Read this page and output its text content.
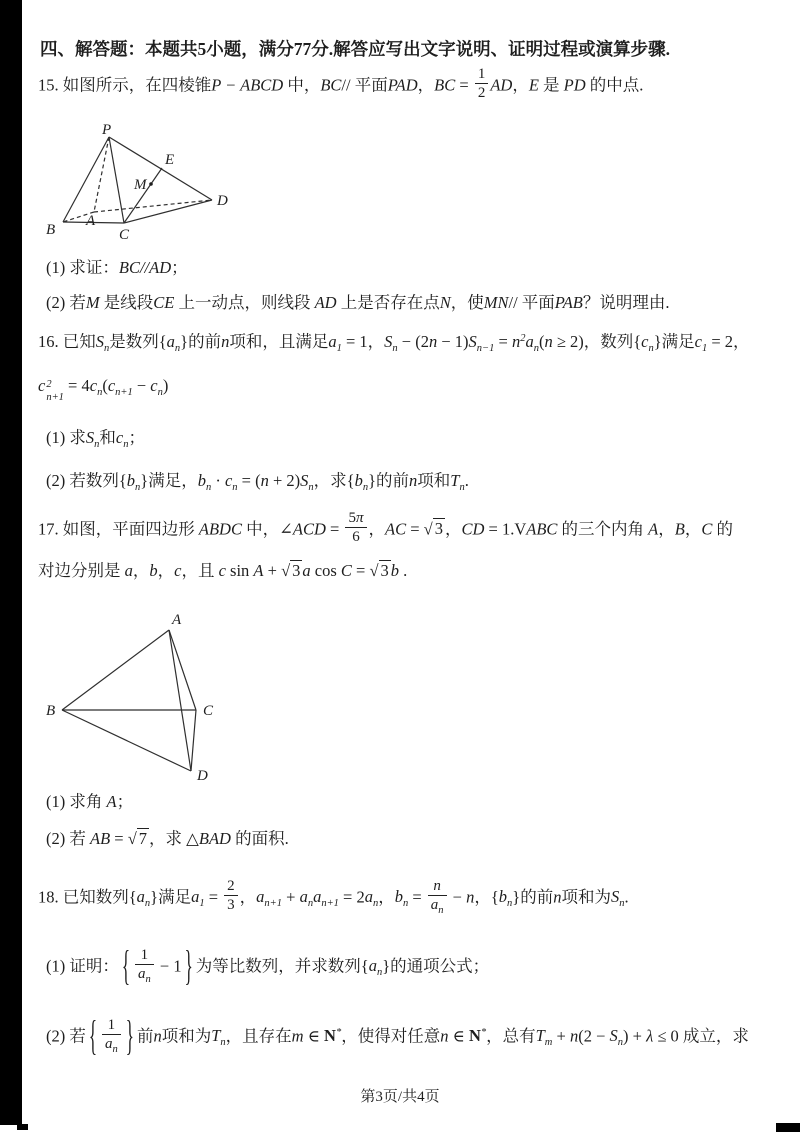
四、解答题：本题共5小题，满分77分.解答应写出文字说明、证明过程或演算步骤.
15. 如图所示，在四棱锥P − ABCD 中，BC// 平面PAD，BC = $\frac{1}{2}$ AD，E 是 PD 的中点.
P
E
M
A
B	C
D
(1) 求证：BC//AD；
(2) 若M 是线段CE 上一动点，则线段 AD 上是否存在点N，使MN// 平面PAB？说明理由.
16. 已知$S_n$是数列$\{a_n\}$的前n项和，且满足$a_1 = 1$，$S_n - (2n - 1)S_{n-1} = n^2a_n(n \ge 2)$，数列$\{c_n\}$满足$c_1 = 2$，
c 2
n+1
= $4c_n(c_{n+1} - c_n)$
(1) 求$S_n$和$c_n$；
(2) 若数列$\{b_n\}$满足，$b_n \cdot c_n = (n + 2)S_n$，求$\{b_n\}$的前n项和$T_n$.
17. 如图，平面四边形 ABDC 中，∠ACD = $\frac{5\pi}{6}$ ，AC = √ 3 ，CD = 1.VABC 的三个内角 A，B，C 的
对边分别是 a，b，c，且 c sin A + √ 3 a cos C = √ 3 b .
A
B	C
D
(1) 求角 A；
(2) 若 AB = √ 7 ，求 △BAD 的面积.
18. 已知数列$\{a_n\}$满足$a_1 = \frac{2}{3}$ ，$a_{n+1} + a_na_{n+1} = 2a_n$，$b_n = \frac{n}{a_n} - n$，$\{b_n\}$的前n项和为$S_n$.
(1) 证明： { $\frac{1}{a_n} - 1$ } 为等比数列，并求数列$\{a_n\}$的通项公式；
(2) 若 { $\frac{1}{a_n}$ } 前n项和为$T_n$，且存在m ∈ N*，使得对任意n ∈ N*，总有$T_m + n(2 - S_n) + \lambda \le 0$ 成立，求
第3页/共4页
